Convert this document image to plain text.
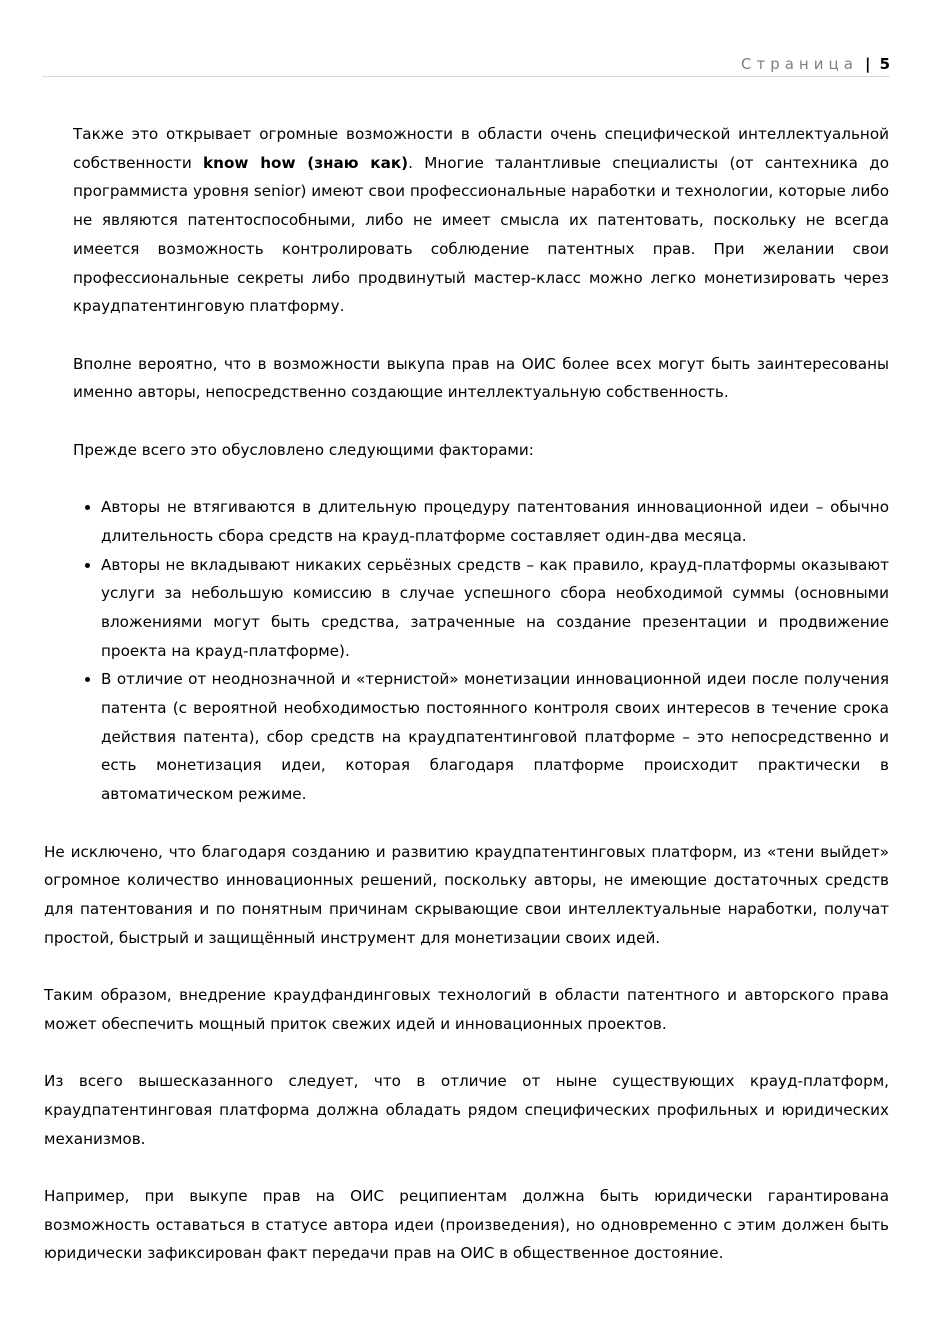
Страница | 5

Также это открывает огромные возможности в области очень специфической интеллектуальной собственности know how (знаю как). Многие талантливые специалисты (от сантехника до программиста уровня senior) имеют свои профессиональные наработки и технологии, которые либо не являются патентоспособными, либо не имеет смысла их патентовать, поскольку не всегда имеется возможность контролировать соблюдение патентных прав. При желании свои профессиональные секреты либо продвинутый мастер-класс можно легко монетизировать через краудпатентинговую платформу.

Вполне вероятно, что в возможности выкупа прав на ОИС более всех могут быть заинтересованы именно авторы, непосредственно создающие интеллектуальную собственность.

Прежде всего это обусловлено следующими факторами:

• Авторы не втягиваются в длительную процедуру патентования инновационной идеи – обычно длительность сбора средств на крауд-платформе составляет один-два месяца.
• Авторы не вкладывают никаких серьёзных средств – как правило, крауд-платформы оказывают услуги за небольшую комиссию в случае успешного сбора необходимой суммы (основными вложениями могут быть средства, затраченные на создание презентации и продвижение проекта на крауд-платформе).
• В отличие от неоднозначной и «тернистой» монетизации инновационной идеи после получения патента (с вероятной необходимостью постоянного контроля своих интересов в течение срока действия патента), сбор средств на краудпатентинговой платформе – это непосредственно и есть монетизация идеи, которая благодаря платформе происходит практически в автоматическом режиме.

Не исключено, что благодаря созданию и развитию краудпатентинговых платформ, из «тени выйдет» огромное количество инновационных решений, поскольку авторы, не имеющие достаточных средств для патентования и по понятным причинам скрывающие свои интеллектуальные наработки, получат простой, быстрый и защищённый инструмент для монетизации своих идей.

Таким образом, внедрение краудфандинговых технологий в области патентного и авторского права может обеспечить мощный приток свежих идей и инновационных проектов.

Из всего вышесказанного следует, что в отличие от ныне существующих крауд-платформ, краудпатентинговая платформа должна обладать рядом специфических профильных и юридических механизмов.

Например, при выкупе прав на ОИС реципиентам должна быть юридически гарантирована возможность оставаться в статусе автора идеи (произведения), но одновременно с этим должен быть юридически зафиксирован факт передачи прав на ОИС в общественное достояние.
